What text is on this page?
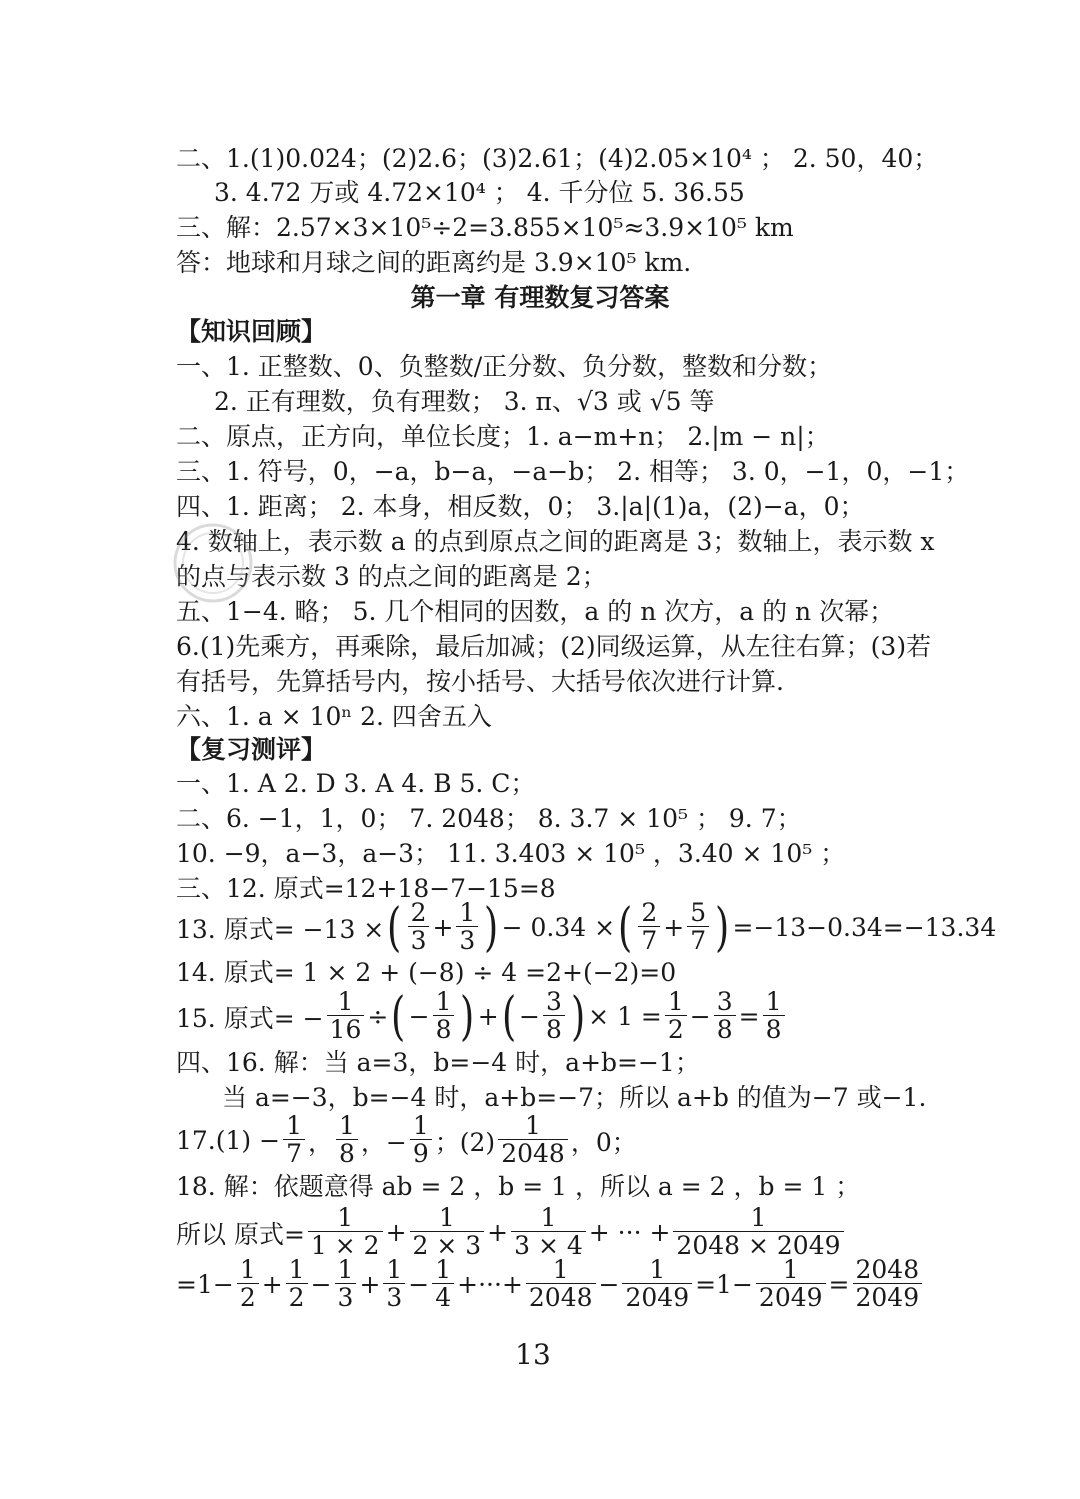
二、1.(1)0.024；(2)2.6；(3)2.61；(4)2.05×10⁴ ； 2. 50，40；
3. 4.72 万或 4.72×10⁴ ； 4. 千分位 5. 36.55
三、解：2.57×3×10⁵÷2=3.855×10⁵≈3.9×10⁵ km
答：地球和月球之间的距离约是 3.9×10⁵ km.
第一章 有理数复习答案
【知识回顾】
一、1. 正整数、0、负整数/正分数、负分数，整数和分数；
2. 正有理数，负有理数； 3. π、√3 或 √5 等
二、原点，正方向，单位长度；1. a−m+n； 2.|m − n|；
三、1. 符号，0，−a，b−a，−a−b； 2. 相等； 3. 0，−1，0，−1；
四、1. 距离； 2. 本身，相反数，0； 3.|a|(1)a，(2)−a，0；
4. 数轴上，表示数 a 的点到原点之间的距离是 3；数轴上，表示数 x
的点与表示数 3 的点之间的距离是 2；
五、1−4. 略； 5. 几个相同的因数，a 的 n 次方，a 的 n 次幂；
6.(1)先乘方，再乘除，最后加减；(2)同级运算，从左往右算；(3)若
有括号，先算括号内，按小括号、大括号依次进行计算.
六、1. a × 10ⁿ 2. 四舍五入
【复习测评】
一、1. A 2. D 3. A 4. B 5. C；
二、6. −1，1，0； 7. 2048； 8. 3.7 × 10⁵ ； 9. 7；
10. −9，a−3，a−3； 11. 3.403 × 10⁵ ，3.40 × 10⁵ ；
三、12. 原式=12+18−7−15=8
13. 原式= −13 × ( $\frac{2}{3} + \frac{1}{3}$ ) − 0.34 × ( $\frac{2}{7} + \frac{5}{7}$ ) =−13−0.34=−13.34
14. 原式= 1 × 2 + (−8) ÷ 4 =2+(−2)=0
15. 原式= − $\frac{1}{16}$ ÷ ( − $\frac{1}{8}$ ) + ( − $\frac{3}{8}$ ) × $1 = \frac{1}{2} - \frac{3}{8} = \frac{1}{8}$
四、16. 解：当 a=3，b=−4 时，a+b=−1；
当 a=−3，b=−4 时，a+b=−7；所以 a+b 的值为−7 或−1.
$17.(1) - \frac{1}{7}$ ， $\frac{1}{8}$ ，− $\frac{1}{9}$ ；$(2) \frac{1}{2048}$ ，0；
18. 解：依题意得 ab = 2 ，b = 1 ，所以 a = 2 ，b = 1 ；
所以 原式= $\frac{1}{1 \times 2} + \frac{1}{2 \times 3} + \frac{1}{3 \times 4}$ + ··· + $\frac{1}{2048 \times 2049}$
$=1- \frac{1}{2} + \frac{1}{2} - \frac{1}{3} + \frac{1}{3} - \frac{1}{4}$ +···+ $\frac{1}{2048} - \frac{1}{2049} =1- \frac{1}{2049} = \frac{2048}{2049}$
13
